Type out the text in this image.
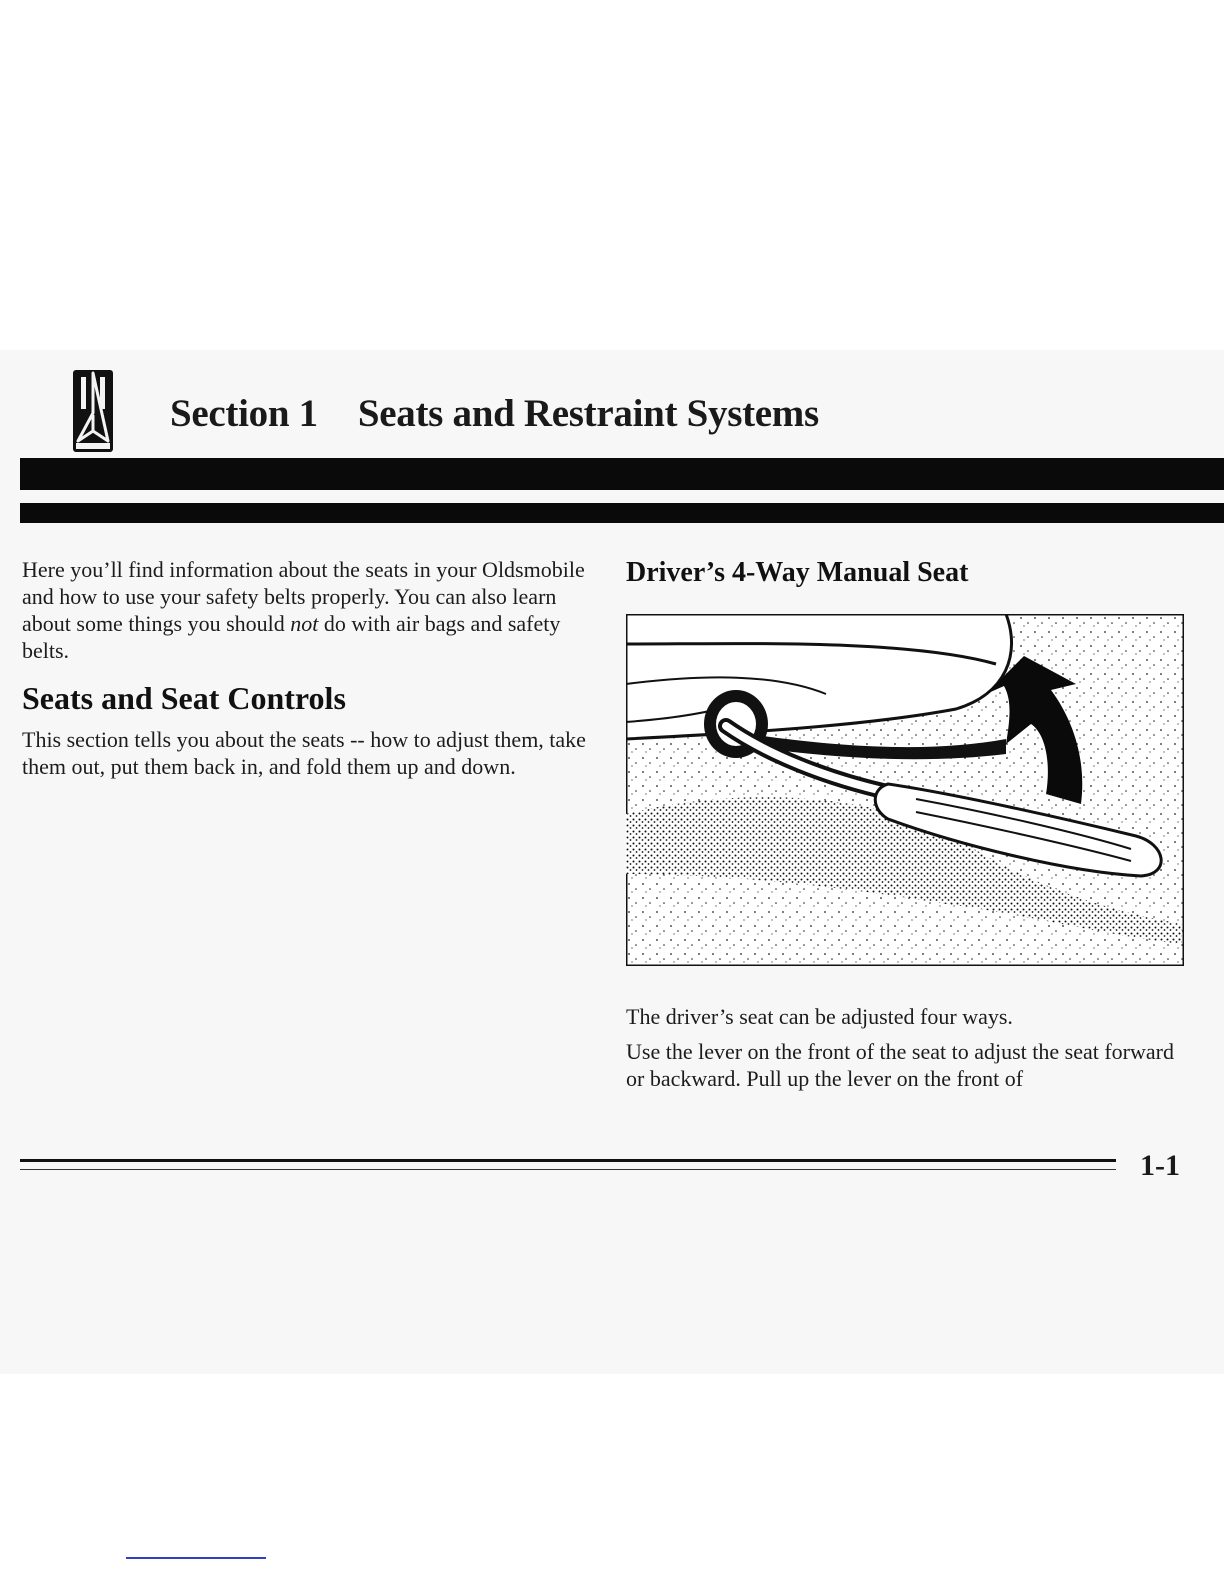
Section 1 Seats and Restraint Systems

Here you’ll find information about the seats in your Oldsmobile and how to use your safety belts properly. You can also learn about some things you should not do with air bags and safety belts.

Seats and Seat Controls

This section tells you about the seats -- how to adjust them, take them out, put them back in, and fold them up and down.

Driver’s 4-Way Manual Seat

The driver’s seat can be adjusted four ways.

Use the lever on the front of the seat to adjust the seat forward or backward. Pull up the lever on the front of

1-1
